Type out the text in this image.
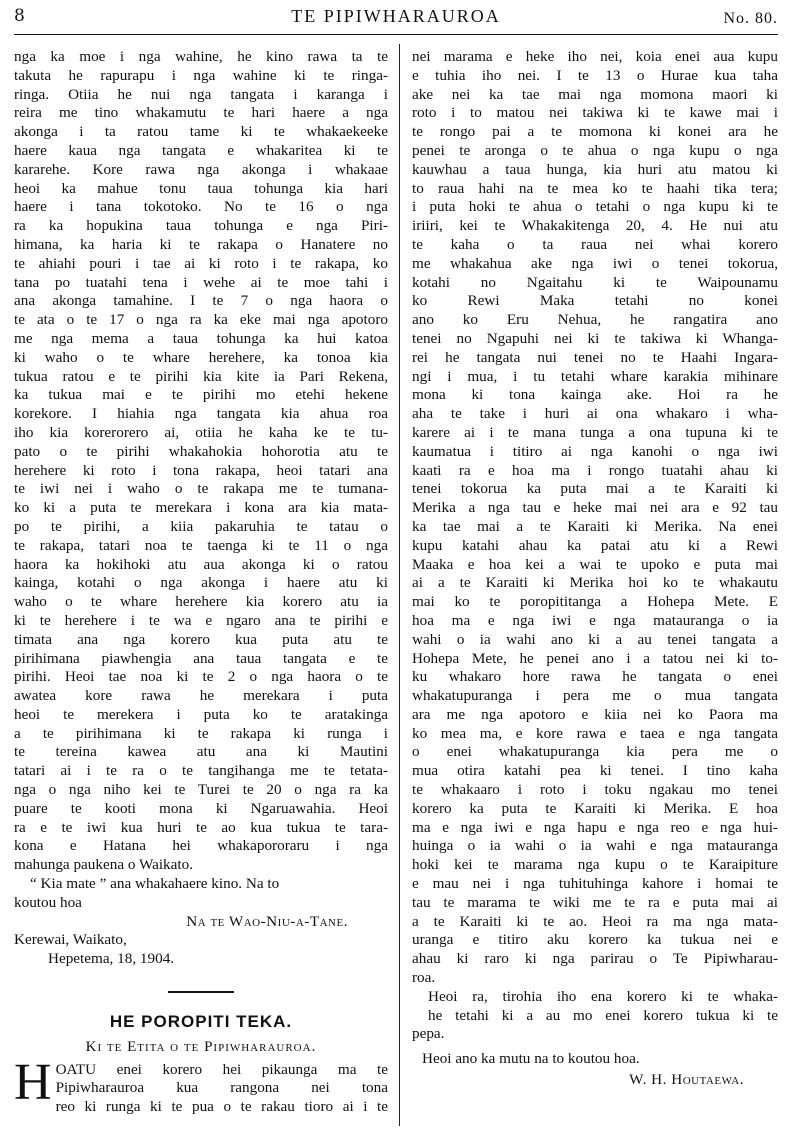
8	TE PIPIWHARAUROA	No. 80.

nga ka moe i nga wahine, he kino rawa ta te
takuta he rapurapu i nga wahine ki te ringa-
ringa. Otiia he nui nga tangata i karanga i
reira me tino whakamutu te hari haere a nga
akonga i ta ratou tame ki te whakaekeeke
haere kaua nga tangata e whakaritea ki te
kararehe. Kore rawa nga akonga i whakaae
heoi ka mahue tonu taua tohunga kia hari
haere i tana tokotoko. No te 16 o nga
ra ka hopukina taua tohunga e nga Piri-
himana, ka haria ki te rakapa o Hanatere no
te ahiahi pouri i tae ai ki roto i te rakapa, ko
tana po tuatahi tena i wehe ai te moe tahi i
ana akonga tamahine. I te 7 o nga haora o
te ata o te 17 o nga ra ka eke mai nga apotoro
me nga mema a taua tohunga ka hui katoa
ki waho o te whare herehere, ka tonoa kia
tukua ratou e te pirihi kia kite ia Pari Rekena,
ka tukua mai e te pirihi mo etehi hekene
korekore. I hiahia nga tangata kia ahua roa
iho kia korerorero ai, otiia he kaha ke te tu-
pato o te pirihi whakahokia hohorotia atu te
herehere ki roto i tona rakapa, heoi tatari ana
te iwi nei i waho o te rakapa me te tumana-
ko ki a puta te merekara i kona ara kia mata-
po te pirihi, a kiia pakaruhia te tatau o
te rakapa, tatari noa te taenga ki te 11 o nga
haora ka hokihoki atu aua akonga ki o ratou
kainga, kotahi o nga akonga i haere atu ki
waho o te whare herehere kia korero atu ia
ki te herehere i te wa e ngaro ana te pirihi e
timata ana nga korero kua puta atu te
pirihimana piawhengia ana taua tangata e te
pirihi. Heoi tae noa ki te 2 o nga haora o te
awatea kore rawa he merekara i puta
heoi te merekera i puta ko te aratakinga
a te pirihimana ki te rakapa ki runga i
te tereina kawea atu ana ki Mautini
tatari ai i te ra o te tangihanga me te tetata-
nga o nga niho kei te Turei te 20 o nga ra ka
puare te kooti mona ki Ngaruawahia. Heoi
ra e te iwi kua huri te ao kua tukua te tara-
kona e Hatana hei whakapororaru i nga

mahunga paukena o Waikato.
“ Kia mate ” ana whakahaere kino. Na to
koutou hoa
Na te Wao-Niu-a-Tane.
Kerewai, Waikato,
Hepetema, 18, 1904.
HE POROPITI TEKA.
Ki te Etita o te Pipiwharauroa.
H OATU enei korero hei pikaunga ma te
Pipiwharauroa kua rangona nei tona
reo ki runga ki te pua o te rakau tioro ai i te

nei marama e heke iho nei, koia enei aua kupu
e tuhia iho nei. I te 13 o Hurae kua taha
ake nei ka tae mai nga momona maori ki
roto i to matou nei takiwa ki te kawe mai i
te rongo pai a te momona ki konei ara he
penei te aronga o te ahua o nga kupu o nga
kauwhau a taua hunga, kia huri atu matou ki
to raua hahi na te mea ko te haahi tika tera;
i puta hoki te ahua o tetahi o nga kupu ki te
iriiri, kei te Whakakitenga 20, 4. He nui atu
te kaha o ta raua nei whai korero
me whakahua ake nga iwi o tenei tokorua,
kotahi no Ngaitahu ki te Waipounamu
ko Rewi Maka tetahi no konei
ano ko Eru Nehua, he rangatira ano
tenei no Ngapuhi nei ki te takiwa ki Whanga-
rei he tangata nui tenei no te Haahi Ingara-
ngi i mua, i tu tetahi whare karakia mihinare
mona ki tona kainga ake. Hoi ra he
aha te take i huri ai ona whakaro i wha-
karere ai i te mana tunga a ona tupuna ki te
kaumatua i titiro ai nga kanohi o nga iwi
kaati ra e hoa ma i rongo tuatahi ahau ki
tenei tokorua ka puta mai a te Karaiti ki
Merika a nga tau e heke mai nei ara e 92 tau
ka tae mai a te Karaiti ki Merika. Na enei
kupu katahi ahau ka patai atu ki a Rewi
Maaka e hoa kei a wai te upoko e puta mai
ai a te Karaiti ki Merika hoi ko te whakautu
mai ko te poropititanga a Hohepa Mete. E
hoa ma e nga iwi e nga matauranga o ia
wahi o ia wahi ano ki a au tenei tangata a
Hohepa Mete, he penei ano i a tatou nei ki to-
ku whakaro hore rawa he tangata o enei
whakatupuranga i pera me o mua tangata
ara me nga apotoro e kiia nei ko Paora ma
ko mea ma, e kore rawa e taea e nga tangata
o enei whakatupuranga kia pera me o
mua otira katahi pea ki tenei. I tino kaha
te whakaaro i roto i toku ngakau mo tenei
korero ka puta te Karaiti ki Merika. E hoa
ma e nga iwi e nga hapu e nga reo e nga hui-
huinga o ia wahi o ia wahi e nga matauranga
hoki kei te marama nga kupu o te Karaipiture
e mau nei i nga tuhituhinga kahore i homai te
tau te marama te wiki me te ra e puta mai ai
a te Karaiti ki te ao. Heoi ra ma nga mata-
uranga e titiro aku korero ka tukua nei e
ahau ki raro ki nga parirau o Te Pipiwharau-

roa.

Heoi ra, tirohia iho ena korero ki te whaka-
he tetahi ki a au mo enei korero tukua ki te

pepa.
Heoi ano ka mutu na to koutou hoa.
W. H. Houtaewa.
